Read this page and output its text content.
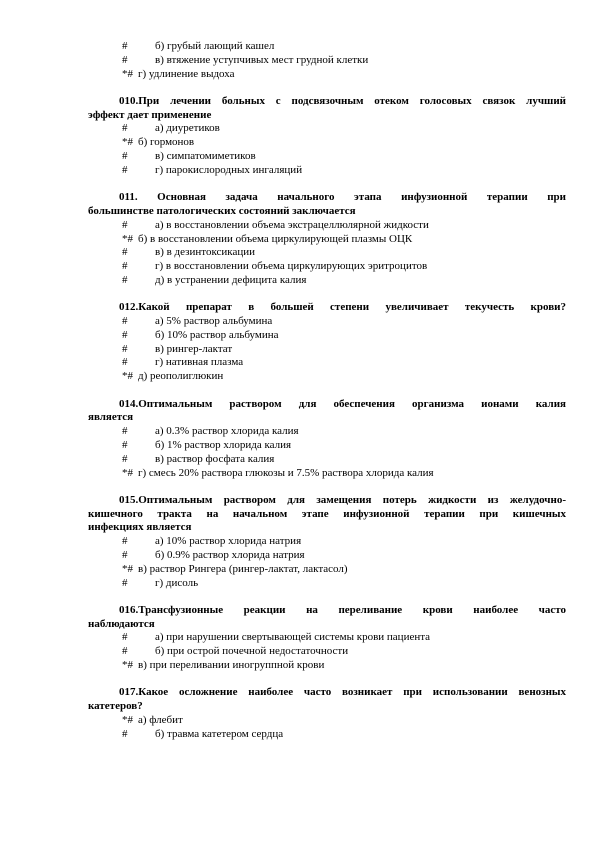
#	б) грубый лающий кашел
#	в) втяжение уступчивых мест грудной клетки
*# г) удлинение выдоха
010.При лечении больных с подсвязочным отеком голосовых связок лучший
эффект дает применение
#	а) диуретиков
*# б) гормонов
#	в) симпатомиметиков
#	г) парокислородных ингаляций
011. Основная задача начального этапа инфузионной терапии при
большинстве патологических состояний заключается
#	а) в восстановлении объема экстрацеллюлярной жидкости
*# б) в восстановлении объема циркулирующей плазмы ОЦК
#	в) в дезинтоксикации
#	г) в восстановлении объема циркулирующих эритроцитов
#	д) в устранении дефицита калия
012.Какой препарат в большей степени увеличивает текучесть крови?
#	а) 5% раствор альбумина
#	б) 10% раствор альбумина
#	в) рингер-лактат
#	г) нативная плазма
*# д) реополиглюкин
014.Оптимальным раствором для обеспечения организма ионами калия
является
#	а) 0.3% раствор хлорида калия
#	б) 1% раствор хлорида калия
#	в) раствор фосфата калия
*# г) смесь 20% раствора глюкозы и 7.5% раствора хлорида калия
015.Оптимальным раствором для замещения потерь жидкости из желудочно-
кишечного тракта на начальном этапе инфузионной терапии при кишечных
инфекциях является
#	а) 10% раствор хлорида натрия
#	б) 0.9% раствор хлорида натрия
*# в) раствор Рингера (рингер-лактат, лактасол)
#	г) дисоль
016.Трансфузионные реакции на переливание крови наиболее часто
наблюдаются
#	а) при нарушении свертывающей системы крови пациента
#	б) при острой почечной недостаточности
*# в) при переливании иногруппной крови
017.Какое осложнение наиболее часто возникает при использовании венозных
катетеров?
*# а) флебит
#	б) травма катетером сердца
